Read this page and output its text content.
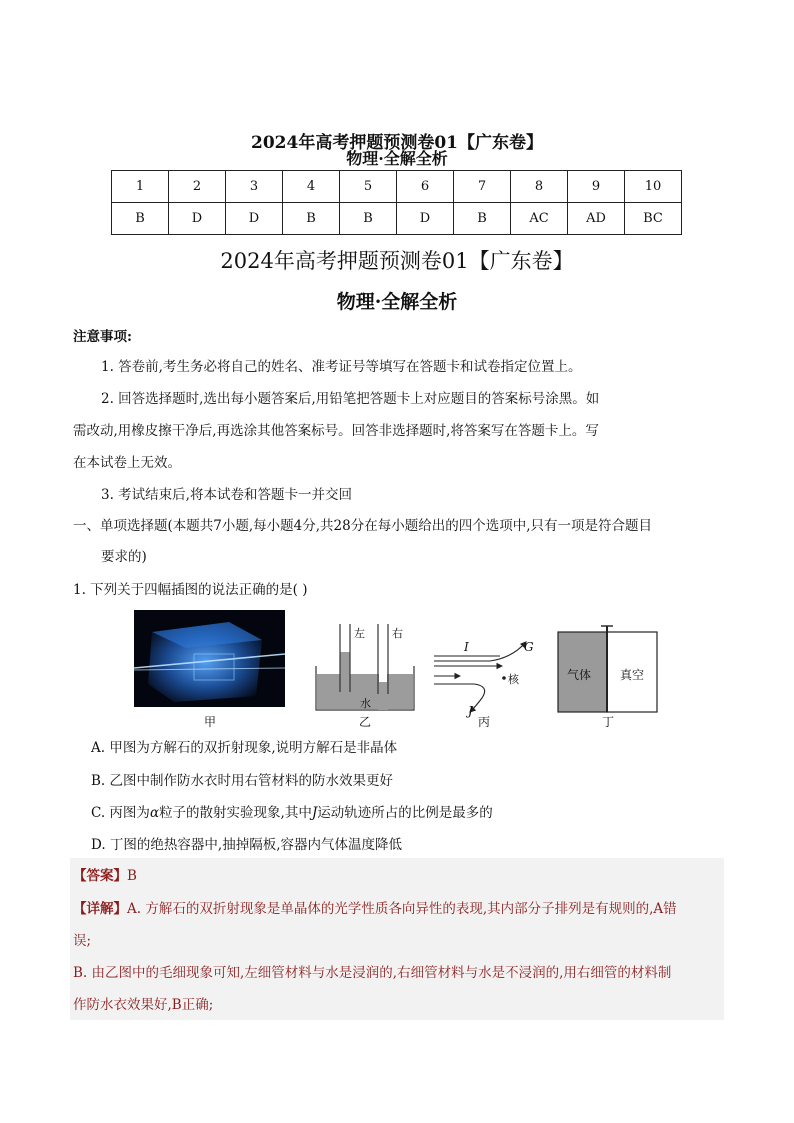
2024年高考押题预测卷01【广东卷】
物理·全解全析
1	2	3	4	5	6	7	8	9	10
B	D	D	B	B	D	B	AC	AD	BC
2024年高考押题预测卷01【广东卷】
物理·全解全析
注意事项:
1. 答卷前,考生务必将自己的姓名、准考证号等填写在答题卡和试卷指定位置上。
2. 回答选择题时,选出每小题答案后,用铅笔把答题卡上对应题目的答案标号涂黑。如
需改动,用橡皮擦干净后,再选涂其他答案标号。回答非选择题时,将答案写在答题卡上。写
在本试卷上无效。
3. 考试结束后,将本试卷和答题卡一并交回
一、单项选择题(本题共7小题,每小题4分,共28分在每小题给出的四个选项中,只有一项是符合题目
要求的)
1. 下列关于四幅插图的说法正确的是( )
甲
左 右
水
乙
I	G
核
J
丙
气体 真空
丁
A. 甲图为方解石的双折射现象,说明方解石是非晶体
B. 乙图中制作防水衣时用右管材料的防水效果更好
C. 丙图为α粒子的散射实验现象,其中J运动轨迹所占的比例是最多的
D. 丁图的绝热容器中,抽掉隔板,容器内气体温度降低
【答案】B
【详解】A. 方解石的双折射现象是单晶体的光学性质各向异性的表现,其内部分子排列是有规则的,A错
误;
B. 由乙图中的毛细现象可知,左细管材料与水是浸润的,右细管材料与水是不浸润的,用右细管的材料制
作防水衣效果好,B正确;
